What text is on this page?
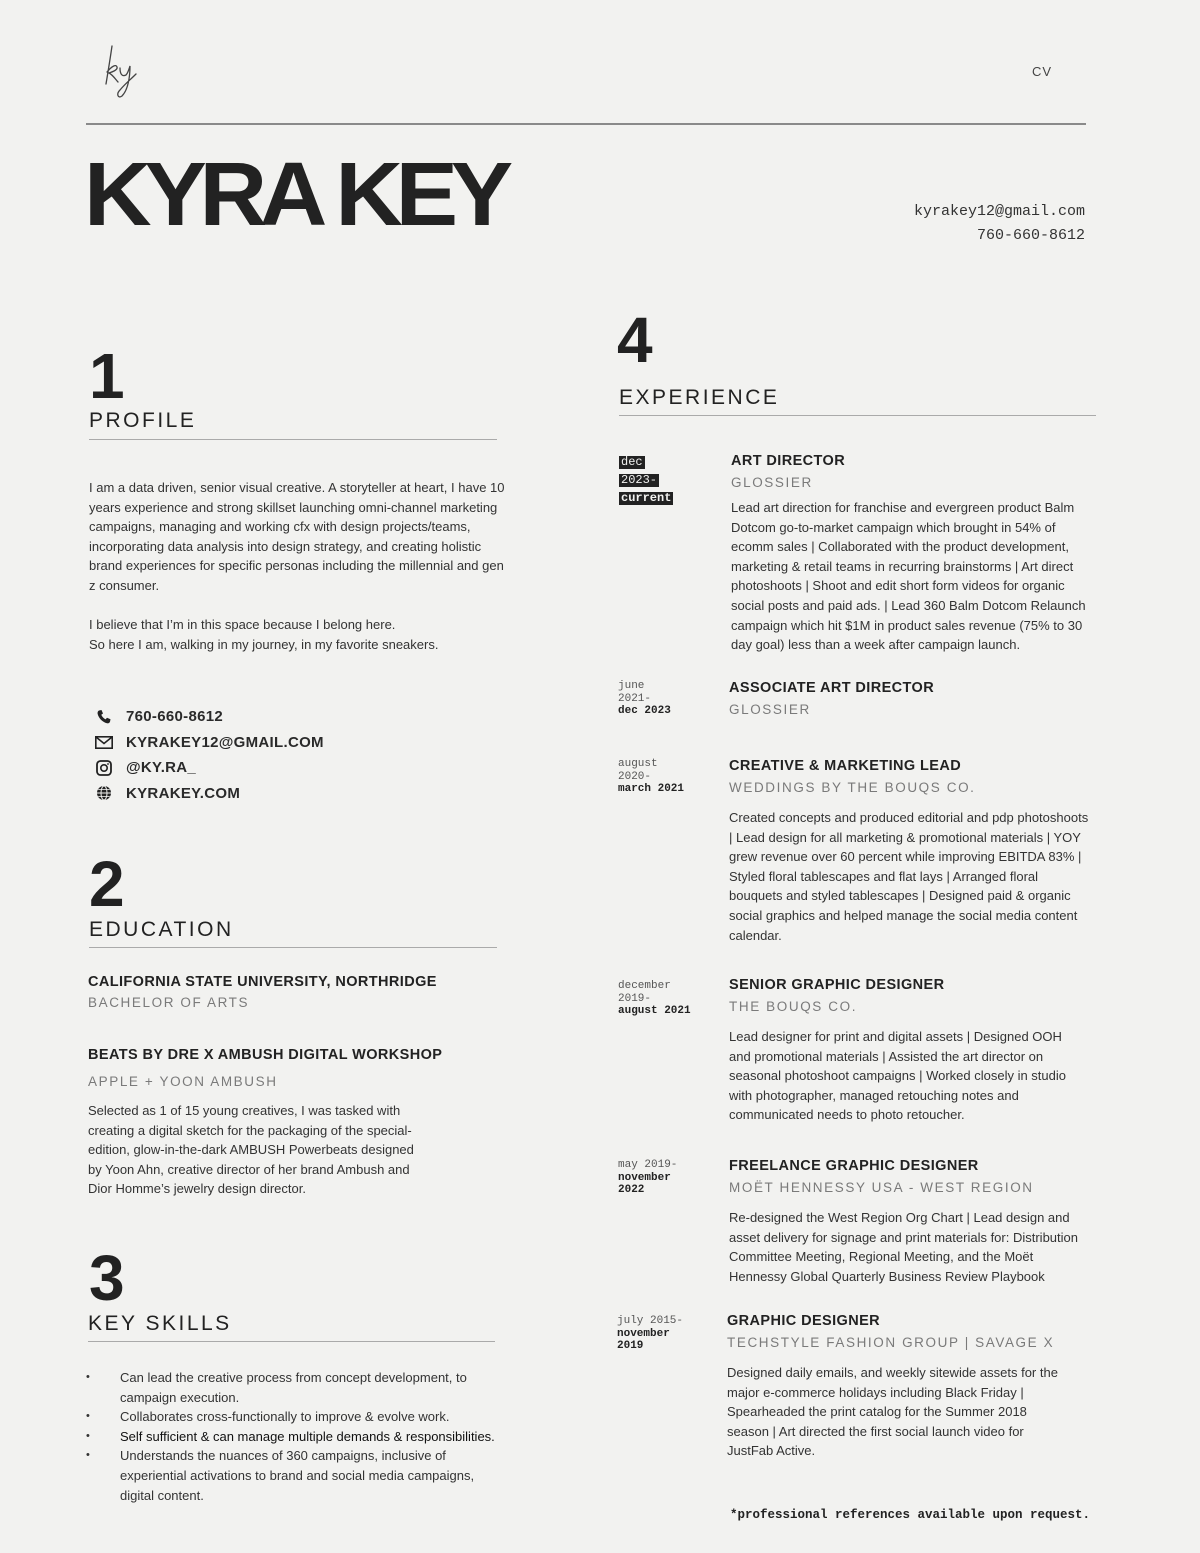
CV
KYRA KEY	kyrakey12@gmail.com
760-660-8612
1
PROFILE
I am a data driven, senior visual creative. A storyteller at heart, I have 10 years experience and strong skillset launching omni-channel marketing campaigns, managing and working cfx with design projects/teams, incorporating data analysis into design strategy, and creating holistic brand experiences for specific personas including the millennial and gen z consumer.
I believe that I’m in this space because I belong here.
So here I am, walking in my journey, in my favorite sneakers.
760-660-8612
KYRAKEY12@GMAIL.COM
@KY.RA_
KYRAKEY.COM
2
EDUCATION
CALIFORNIA STATE UNIVERSITY, NORTHRIDGE
BACHELOR OF ARTS
BEATS BY DRE X AMBUSH DIGITAL WORKSHOP
APPLE + YOON AMBUSH
Selected as 1 of 15 young creatives, I was tasked with creating a digital sketch for the packaging of the special-edition, glow-in-the-dark AMBUSH Powerbeats designed by Yoon Ahn, creative director of her brand Ambush and Dior Homme’s jewelry design director.
3
KEY SKILLS
• Can lead the creative process from concept development, to campaign execution.
• Collaborates cross-functionally to improve & evolve work.
• Self sufficient & can manage multiple demands & responsibilities.
• Understands the nuances of 360 campaigns, inclusive of experiential activations to brand and social media campaigns, digital content.
4
EXPERIENCE
dec
2023-
current
ART DIRECTOR
GLOSSIER
Lead art direction for franchise and evergreen product Balm Dotcom go-to-market campaign which brought in 54% of ecomm sales | Collaborated with the product development, marketing & retail teams in recurring brainstorms | Art direct photoshoots | Shoot and edit short form videos for organic social posts and paid ads. | Lead 360 Balm Dotcom Relaunch campaign which hit $1M in product sales revenue (75% to 30 day goal) less than a week after campaign launch.
june
2021-
dec 2023
ASSOCIATE ART DIRECTOR
GLOSSIER
august
2020-
march 2021
CREATIVE & MARKETING LEAD
WEDDINGS BY THE BOUQS CO.
Created concepts and produced editorial and pdp photoshoots | Lead design for all marketing & promotional materials | YOY grew revenue over 60 percent while improving EBITDA 83% | Styled floral tablescapes and flat lays | Arranged floral bouquets and styled tablescapes | Designed paid & organic social graphics and helped manage the social media content calendar.
december
2019-
august 2021
SENIOR GRAPHIC DESIGNER
THE BOUQS CO.
Lead designer for print and digital assets | Designed OOH and promotional materials | Assisted the art director on seasonal photoshoot campaigns | Worked closely in studio with photographer, managed retouching notes and communicated needs to photo retoucher.
may 2019-
november
2022
FREELANCE GRAPHIC DESIGNER
MOËT HENNESSY USA - WEST REGION
Re-designed the West Region Org Chart | Lead design and asset delivery for signage and print materials for: Distribution Committee Meeting, Regional Meeting, and the Moët Hennessy Global Quarterly Business Review Playbook
july 2015-
november
2019
GRAPHIC DESIGNER
TECHSTYLE FASHION GROUP | SAVAGE X
Designed daily emails, and weekly sitewide assets for the major e-commerce holidays including Black Friday | Spearheaded the print catalog for the Summer 2018 season | Art directed the first social launch video for JustFab Active.
*professional references available upon request.
